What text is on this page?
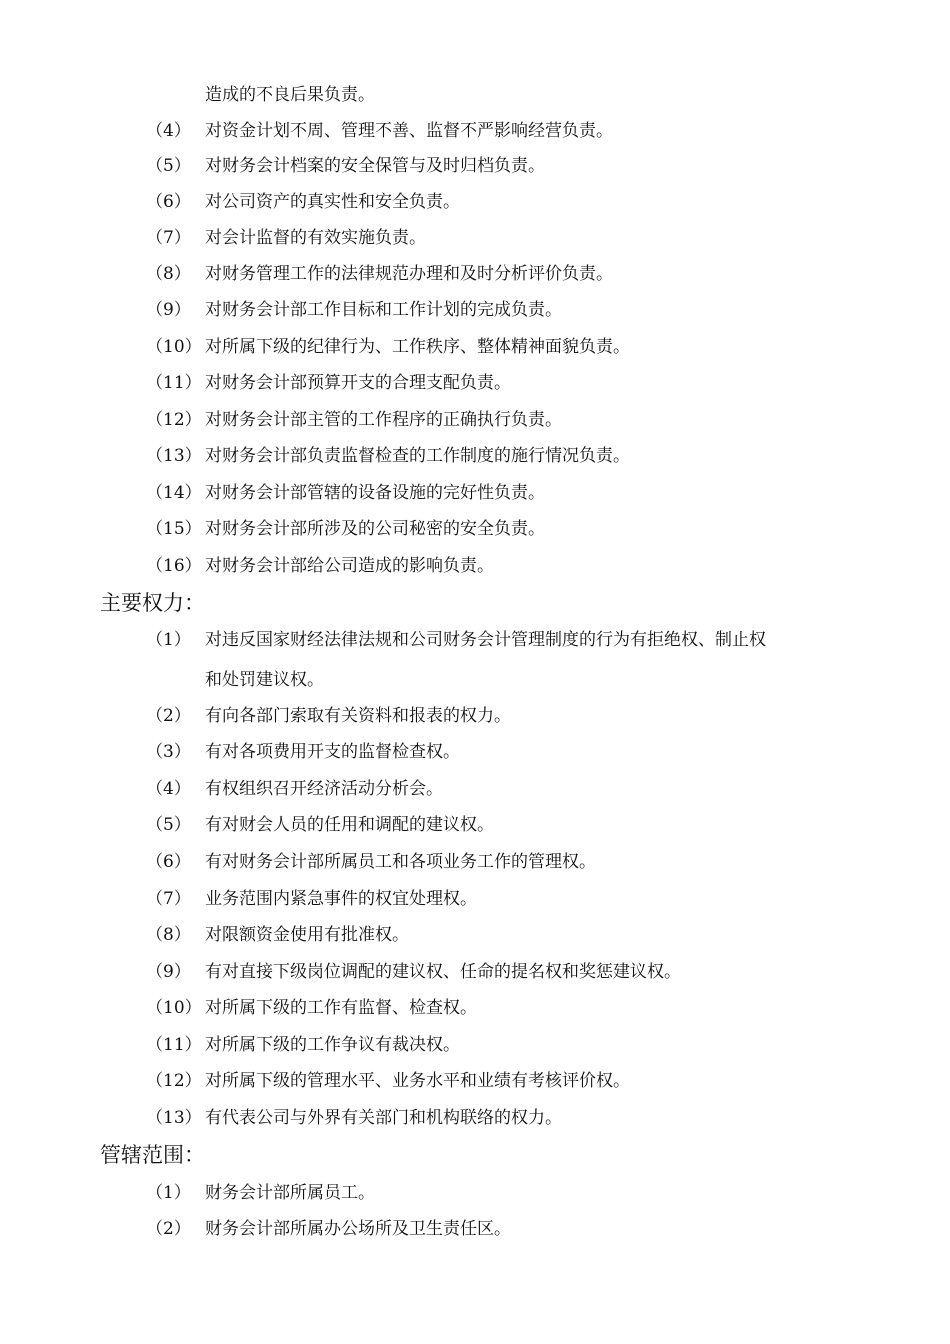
造成的不良后果负责。
（4） 对资金计划不周、管理不善、监督不严影响经营负责。
（5） 对财务会计档案的安全保管与及时归档负责。
（6） 对公司资产的真实性和安全负责。
（7） 对会计监督的有效实施负责。
（8） 对财务管理工作的法律规范办理和及时分析评价负责。
（9） 对财务会计部工作目标和工作计划的完成负责。
（10） 对所属下级的纪律行为、工作秩序、整体精神面貌负责。
（11） 对财务会计部预算开支的合理支配负责。
（12） 对财务会计部主管的工作程序的正确执行负责。
（13） 对财务会计部负责监督检查的工作制度的施行情况负责。
（14） 对财务会计部管辖的设备设施的完好性负责。
（15） 对财务会计部所涉及的公司秘密的安全负责。
（16） 对财务会计部给公司造成的影响负责。
主要权力：
（1） 对违反国家财经法律法规和公司财务会计管理制度的行为有拒绝权、制止权
和处罚建议权。
（2） 有向各部门索取有关资料和报表的权力。
（3） 有对各项费用开支的监督检查权。
（4） 有权组织召开经济活动分析会。
（5） 有对财会人员的任用和调配的建议权。
（6） 有对财务会计部所属员工和各项业务工作的管理权。
（7） 业务范围内紧急事件的权宜处理权。
（8） 对限额资金使用有批准权。
（9） 有对直接下级岗位调配的建议权、任命的提名权和奖惩建议权。
（10） 对所属下级的工作有监督、检查权。
（11） 对所属下级的工作争议有裁决权。
（12） 对所属下级的管理水平、业务水平和业绩有考核评价权。
（13） 有代表公司与外界有关部门和机构联络的权力。
管辖范围：
（1） 财务会计部所属员工。
（2） 财务会计部所属办公场所及卫生责任区。
